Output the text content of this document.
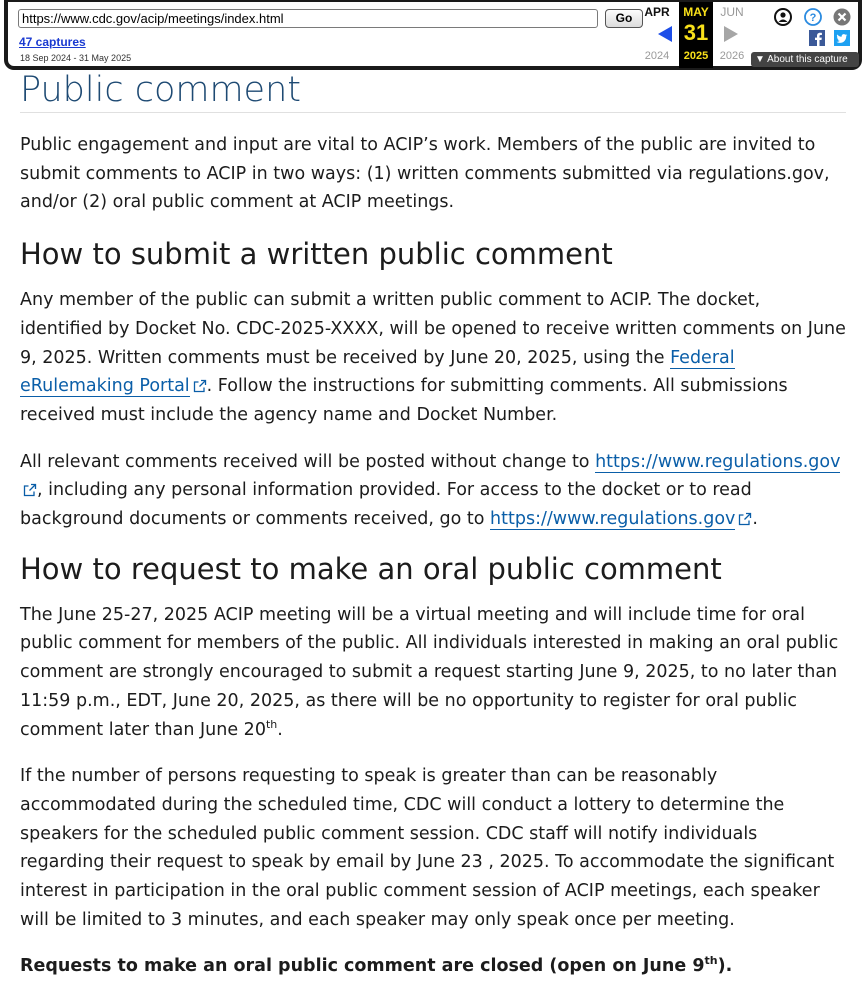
https://www.cdc.gov/acip/meetings/index.html	Go
47 captures
18 Sep 2024 - 31 May 2025
APR	MAY
31
2025
JUN
2024	2026
?
▼ About this capture
Public comment

Public engagement and input are vital to ACIP’s work. Members of the public are invited to submit comments to ACIP in two ways: (1) written comments submitted via regulations.gov, and/or (2) oral public comment at ACIP meetings.

How to submit a written public comment

Any member of the public can submit a written public comment to ACIP. The docket, identified by Docket No. CDC-2025-XXXX, will be opened to receive written comments on June 9, 2025. Written comments must be received by June 20, 2025, using the Federal eRulemaking Portal . Follow the instructions for submitting comments. All submissions received must include the agency name and Docket Number.

All relevant comments received will be posted without change to https://www.regulations.gov, including any personal information provided. For access to the docket or to read background documents or comments received, go to https://www.regulations.gov .

How to request to make an oral public comment

The June 25-27, 2025 ACIP meeting will be a virtual meeting and will include time for oral public comment for members of the public. All individuals interested in making an oral public comment are strongly encouraged to submit a request starting June 9, 2025, to no later than 11:59 p.m., EDT, June 20, 2025, as there will be no opportunity to register for oral public comment later than June 20th.

If the number of persons requesting to speak is greater than can be reasonably accommodated during the scheduled time, CDC will conduct a lottery to determine the speakers for the scheduled public comment session. CDC staff will notify individuals regarding their request to speak by email by June 23 , 2025. To accommodate the significant interest in participation in the oral public comment session of ACIP meetings, each speaker will be limited to 3 minutes, and each speaker may only speak once per meeting.

Requests to make an oral public comment are closed (open on June 9th).
